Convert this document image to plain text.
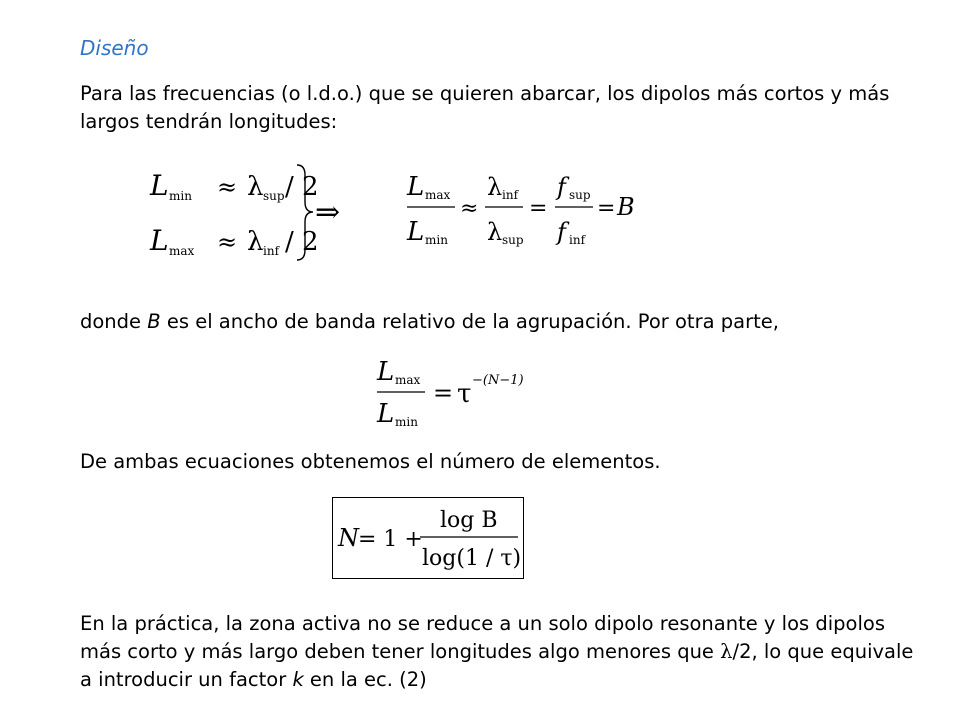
Diseño
Para las frecuencias (o l.d.o.) que se quieren abarcar, los dipolos más cortos y más largos tendrán longitudes:
L min ≈ λ sup / 2
L max ≈ λ inf / 2
⇒
L max
L min
≈
λ inf
λ sup
=
f sup
f inf
= B
donde B es el ancho de banda relativo de la agrupación. Por otra parte,
L max
L min
= τ −(N−1)
De ambas ecuaciones obtenemos el número de elementos.
N = 1 +
log B
log(1 / τ)
En la práctica, la zona activa no se reduce a un solo dipolo resonante y los dipolos más corto y más largo deben tener longitudes algo menores que λ/2, lo que equivale a introducir un factor k en la ec. (2)
